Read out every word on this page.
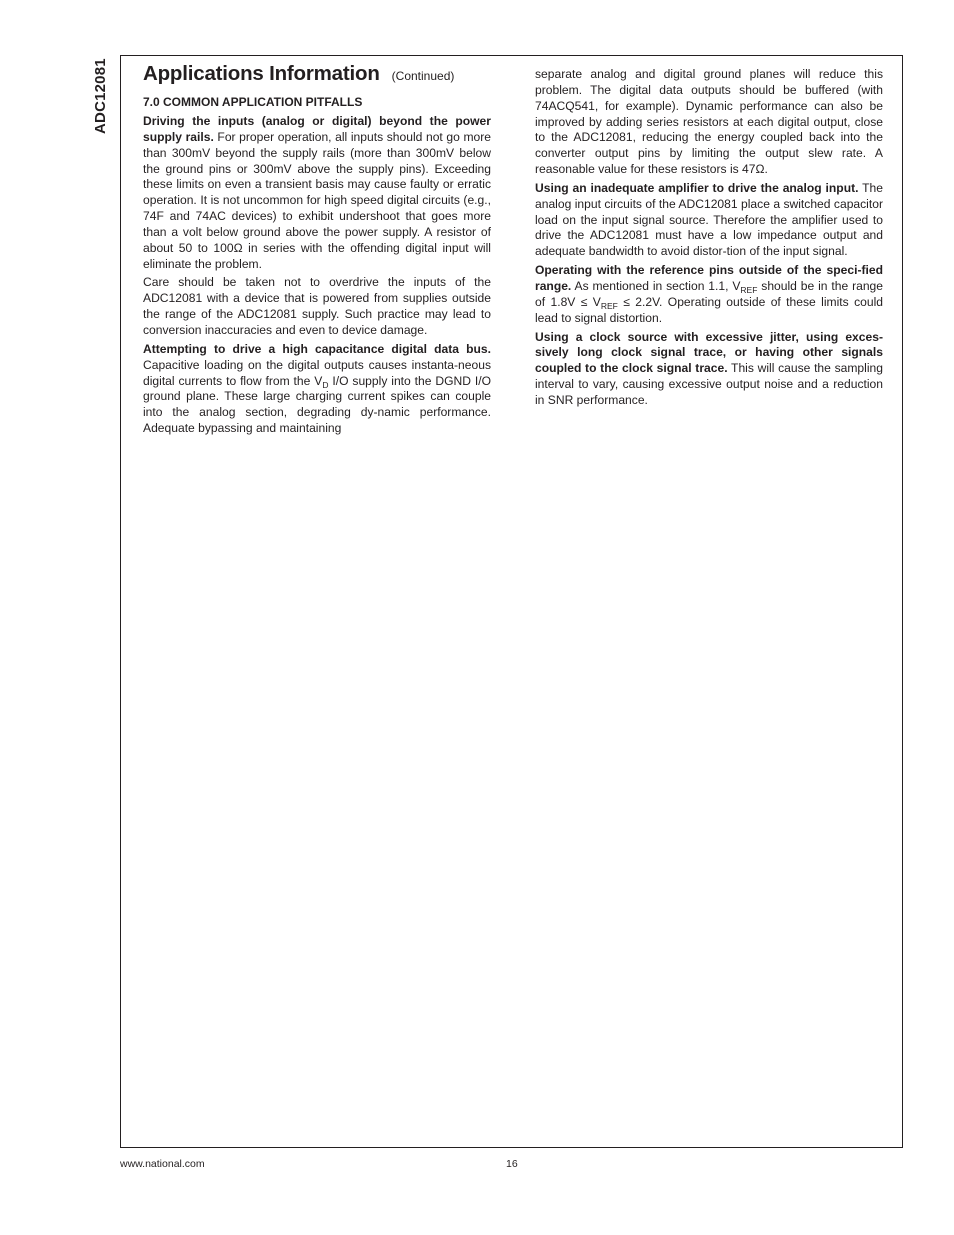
ADC12081 Applications Information (Continued)
7.0 COMMON APPLICATION PITFALLS

Driving the inputs (analog or digital) beyond the power supply rails. For proper operation, all inputs should not go more than 300mV beyond the supply rails (more than 300mV below the ground pins or 300mV above the supply pins). Exceeding these limits on even a transient basis may cause faulty or erratic operation. It is not uncommon for high speed digital circuits (e.g., 74F and 74AC devices) to exhibit undershoot that goes more than a volt below ground above the power supply. A resistor of about 50 to 100Ω in series with the offending digital input will eliminate the problem.

Care should be taken not to overdrive the inputs of the ADC12081 with a device that is powered from supplies outside the range of the ADC12081 supply. Such practice may lead to conversion inaccuracies and even to device damage.

Attempting to drive a high capacitance digital data bus. Capacitive loading on the digital outputs causes instanta-neous digital currents to flow from the $V_D$ I/O supply into the DGND I/O ground plane. These large charging current spikes can couple into the analog section, degrading dy-namic performance. Adequate bypassing and maintaining

separate analog and digital ground planes will reduce this problem. The digital data outputs should be buffered (with 74ACQ541, for example). Dynamic performance can also be improved by adding series resistors at each digital output, close to the ADC12081, reducing the energy coupled back into the converter output pins by limiting the output slew rate. A reasonable value for these resistors is 47Ω.

Using an inadequate amplifier to drive the analog input. The analog input circuits of the ADC12081 place a switched capacitor load on the input signal source. Therefore the amplifier used to drive the ADC12081 must have a low impedance output and adequate bandwidth to avoid distor-tion of the input signal.

Operating with the reference pins outside of the speci-fied range. As mentioned in section 1.1, $V_{REF}$ should be in the range of $1.8V \le V_{REF} \le 2.2V$. Operating outside of these limits could lead to signal distortion.

Using a clock source with excessive jitter, using exces-sively long clock signal trace, or having other signals coupled to the clock signal trace. This will cause the sampling interval to vary, causing excessive output noise and a reduction in SNR performance.

www.national.com	16
